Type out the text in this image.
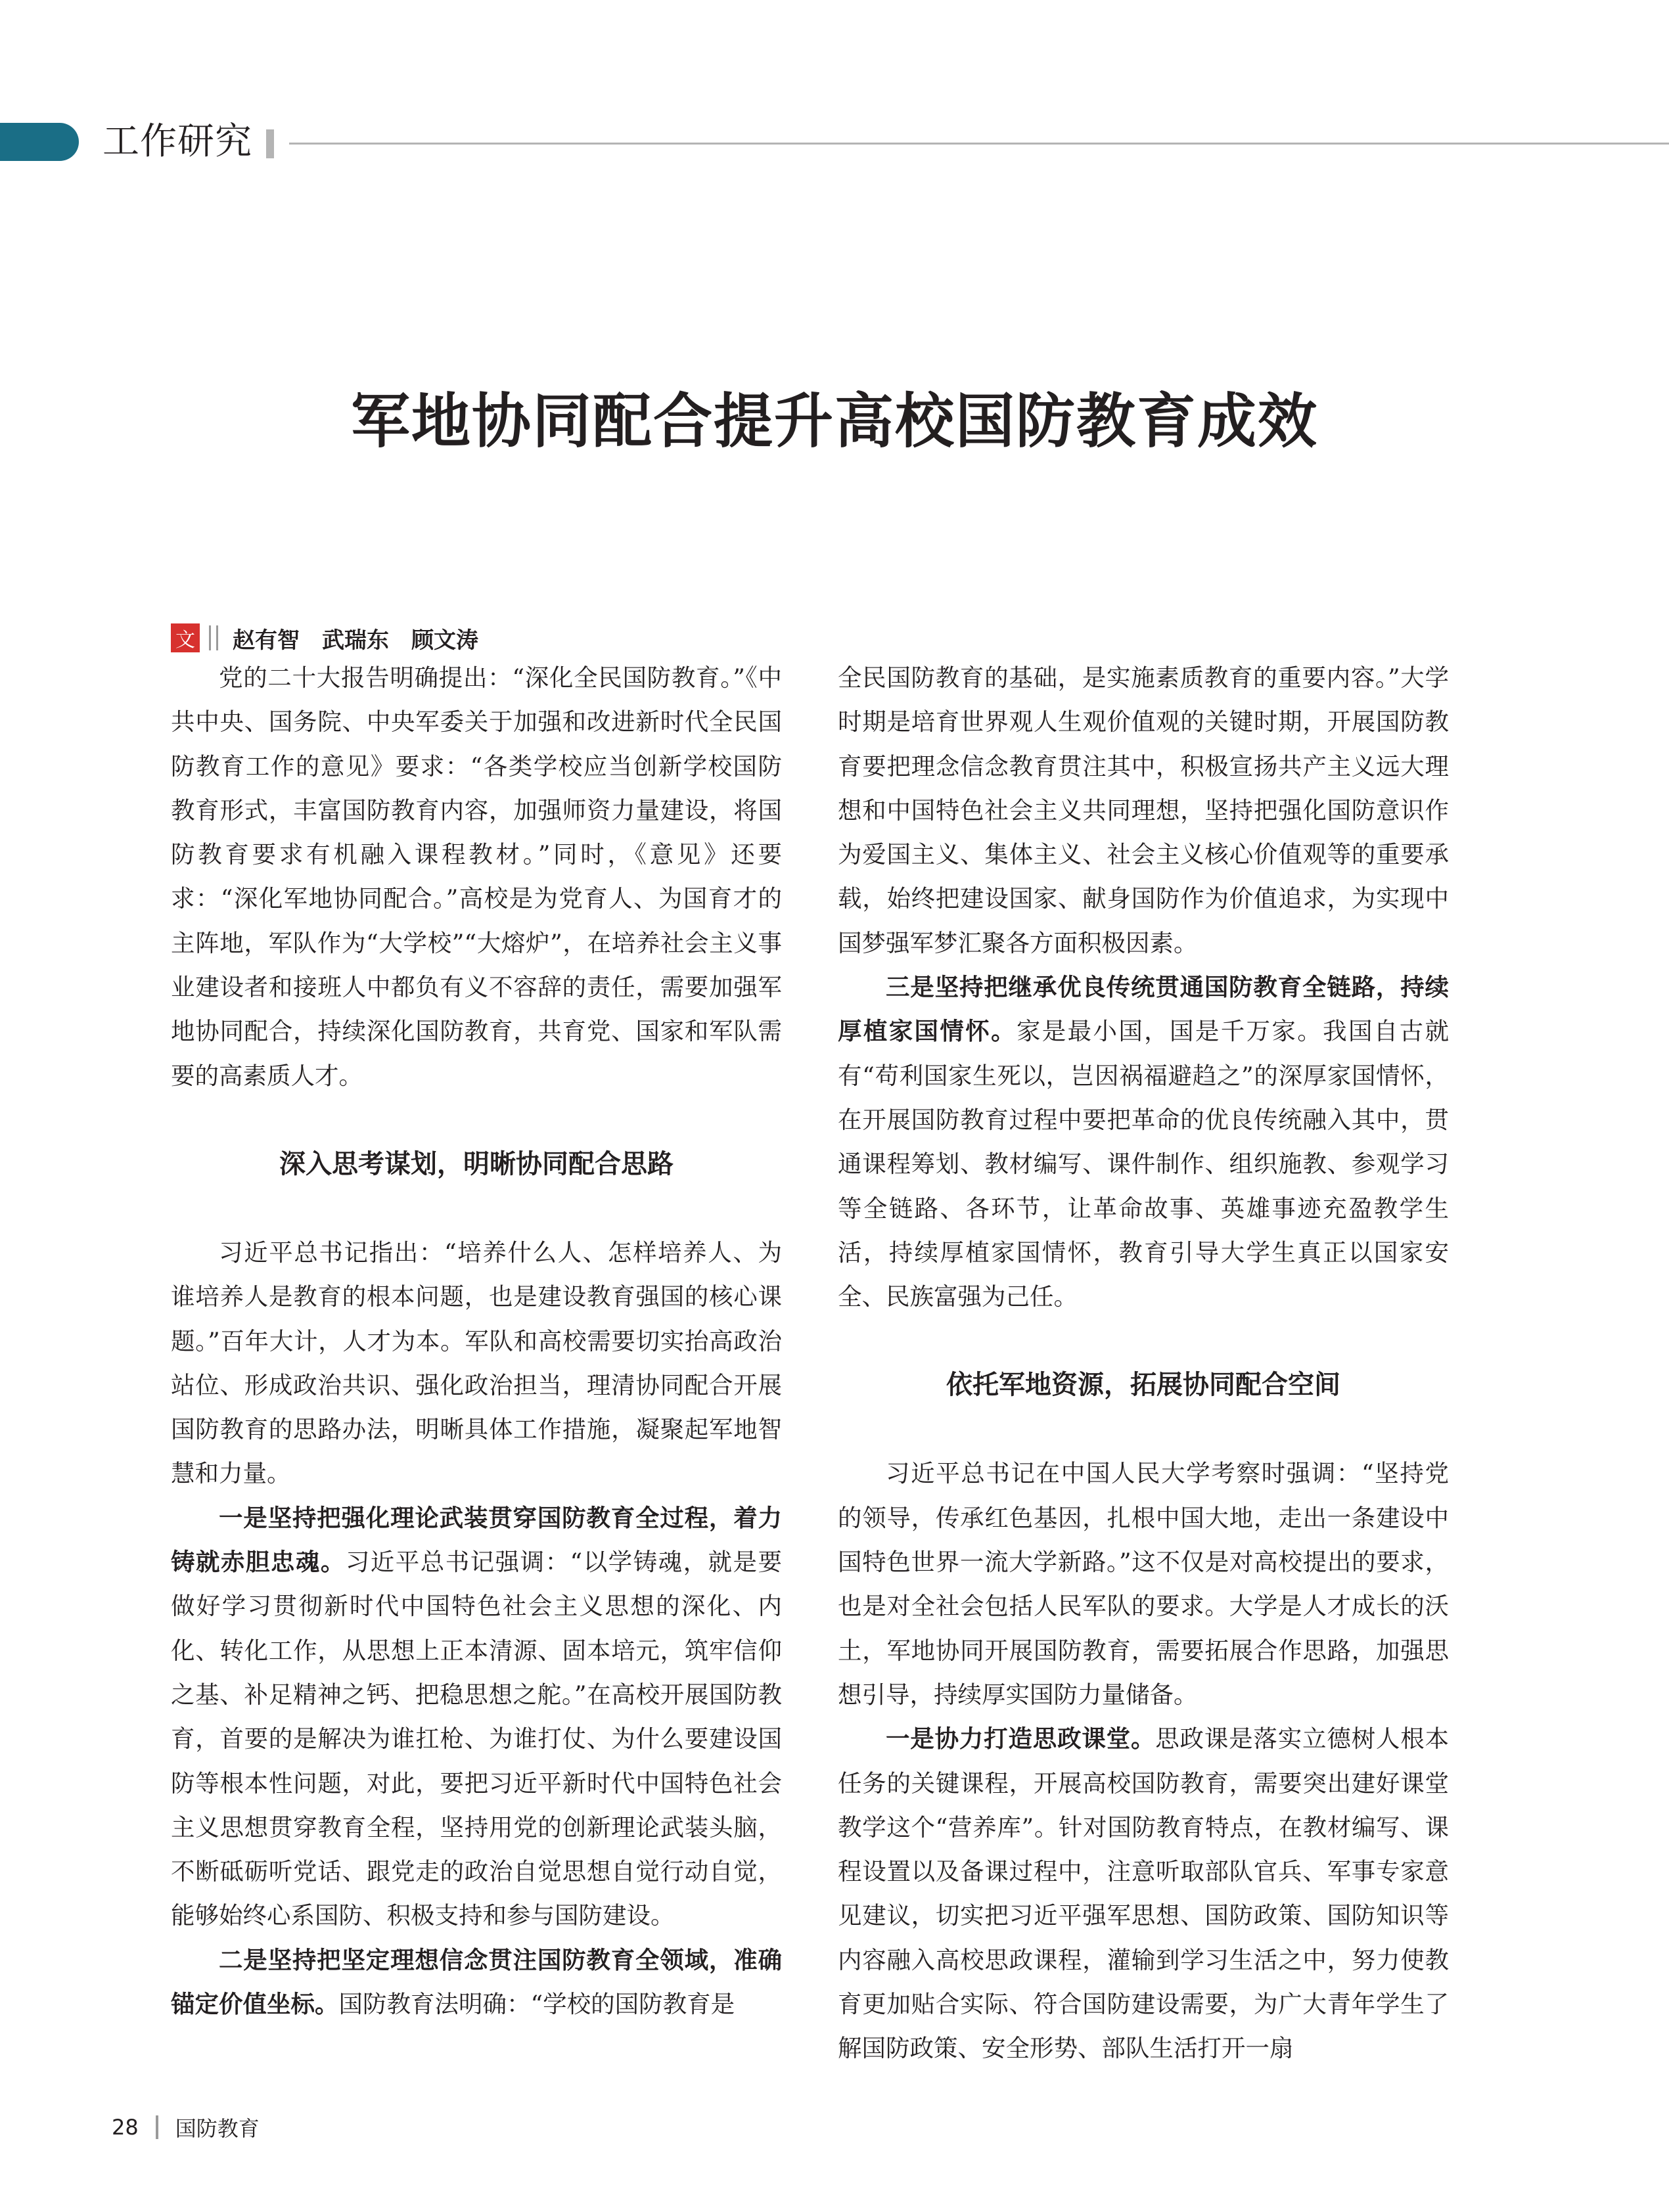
工作研究
军地协同配合提升高校国防教育成效
文 赵有智 武瑞东 顾文涛

党的二十大报告明确提出：“深化全民国防教育。”《中共中央、国务院、中央军委关于加强和改进新时代全民国防教育工作的意见》要求：“各类学校应当创新学校国防教育形式，丰富国防教育内容，加强师资力量建设，将国防教育要求有机融入课程教材。”同时，《意见》还要求：“深化军地协同配合。”高校是为党育人、为国育才的主阵地，军队作为“大学校”“大熔炉”，在培养社会主义事业建设者和接班人中都负有义不容辞的责任，需要加强军地协同配合，持续深化国防教育，共育党、国家和军队需要的高素质人才。

深入思考谋划，明晰协同配合思路

习近平总书记指出：“培养什么人、怎样培养人、为谁培养人是教育的根本问题，也是建设教育强国的核心课题。”百年大计，人才为本。军队和高校需要切实抬高政治站位、形成政治共识、强化政治担当，理清协同配合开展国防教育的思路办法，明晰具体工作措施，凝聚起军地智慧和力量。

一是坚持把强化理论武装贯穿国防教育全过程，着力铸就赤胆忠魂。习近平总书记强调：“以学铸魂，就是要做好学习贯彻新时代中国特色社会主义思想的深化、内化、转化工作，从思想上正本清源、固本培元，筑牢信仰之基、补足精神之钙、把稳思想之舵。”在高校开展国防教育，首要的是解决为谁扛枪、为谁打仗、为什么要建设国防等根本性问题，对此，要把习近平新时代中国特色社会主义思想贯穿教育全程，坚持用党的创新理论武装头脑，不断砥砺听党话、跟党走的政治自觉思想自觉行动自觉，能够始终心系国防、积极支持和参与国防建设。

二是坚持把坚定理想信念贯注国防教育全领域，准确锚定价值坐标。国防教育法明确：“学校的国防教育是

全民国防教育的基础，是实施素质教育的重要内容。”大学时期是培育世界观人生观价值观的关键时期，开展国防教育要把理念信念教育贯注其中，积极宣扬共产主义远大理想和中国特色社会主义共同理想，坚持把强化国防意识作为爱国主义、集体主义、社会主义核心价值观等的重要承载，始终把建设国家、献身国防作为价值追求，为实现中国梦强军梦汇聚各方面积极因素。

三是坚持把继承优良传统贯通国防教育全链路，持续厚植家国情怀。家是最小国，国是千万家。我国自古就有“苟利国家生死以，岂因祸福避趋之”的深厚家国情怀，在开展国防教育过程中要把革命的优良传统融入其中，贯通课程筹划、教材编写、课件制作、组织施教、参观学习等全链路、各环节，让革命故事、英雄事迹充盈教学生活，持续厚植家国情怀，教育引导大学生真正以国家安全、民族富强为己任。

依托军地资源，拓展协同配合空间

习近平总书记在中国人民大学考察时强调：“坚持党的领导，传承红色基因，扎根中国大地，走出一条建设中国特色世界一流大学新路。”这不仅是对高校提出的要求，也是对全社会包括人民军队的要求。大学是人才成长的沃土，军地协同开展国防教育，需要拓展合作思路，加强思想引导，持续厚实国防力量储备。

一是协力打造思政课堂。思政课是落实立德树人根本任务的关键课程，开展高校国防教育，需要突出建好课堂教学这个“营养库”。针对国防教育特点，在教材编写、课程设置以及备课过程中，注意听取部队官兵、军事专家意见建议，切实把习近平强军思想、国防政策、国防知识等内容融入高校思政课程，灌输到学习生活之中，努力使教育更加贴合实际、符合国防建设需要，为广大青年学生了解国防政策、安全形势、部队生活打开一扇

28 国防教育
